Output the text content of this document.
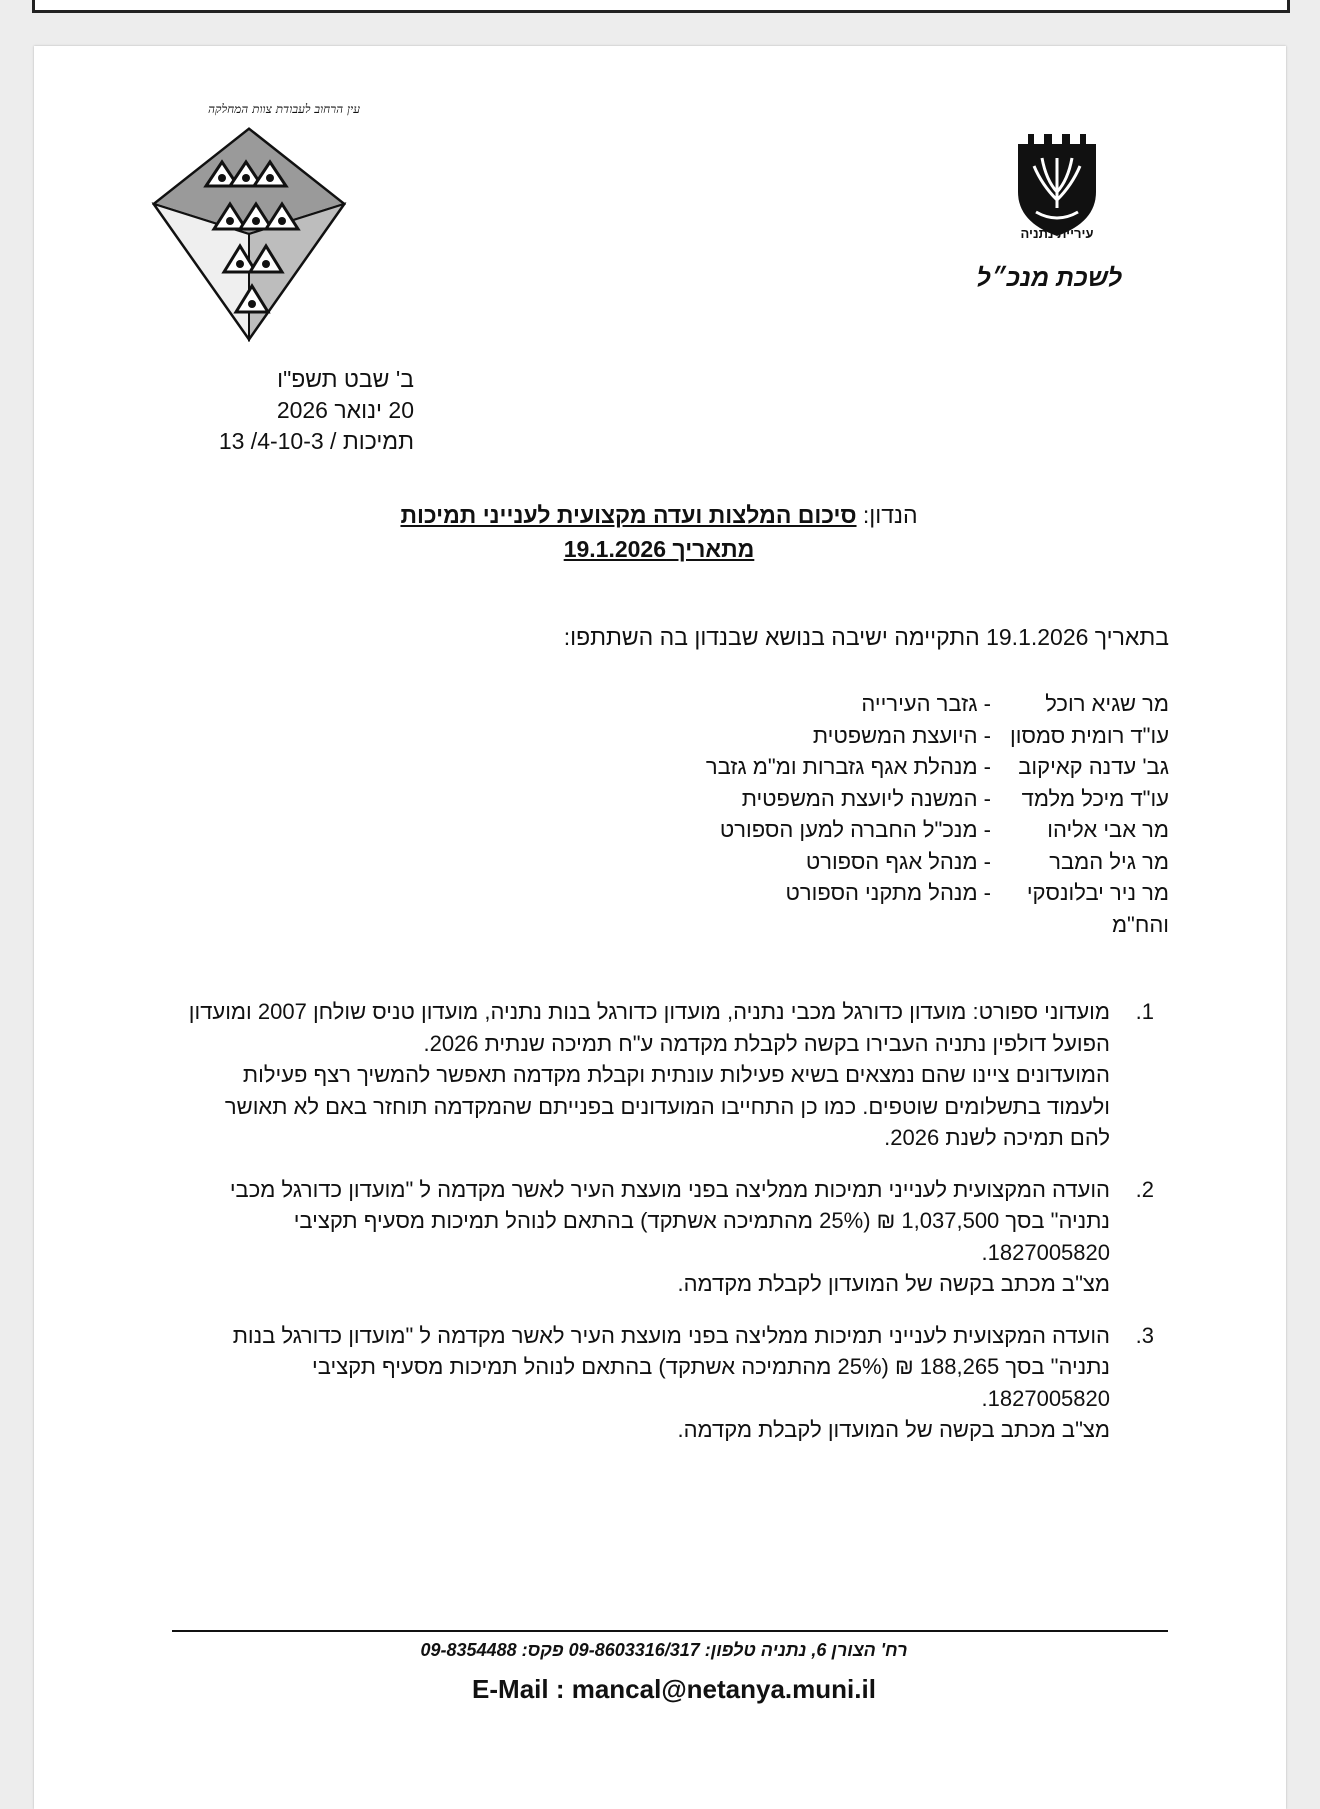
עין הרחוב לעבודת צוות המחלקה
עיריית נתניה
לשכת מנכ״ל
ב' שבט תשפ"ו
20 ינואר 2026
תמיכות / 4-10-3/ 13
הנדון: סיכום המלצות ועדה מקצועית לענייני תמיכות
מתאריך 19.1.2026
בתאריך 19.1.2026 התקיימה ישיבה בנושא שבנדון בה השתתפו:
מר שגיא רוכל
- גזבר העירייה
עו"ד רומית סמסון
- היועצת המשפטית
גב' עדנה קאיקוב
- מנהלת אגף גזברות ומ"מ גזבר
עו"ד מיכל מלמד
- המשנה ליועצת המשפטית
מר אבי אליהו
- מנכ"ל החברה למען הספורט
מר גיל המבר
- מנהל אגף הספורט
מר ניר יבלונסקי
- מנהל מתקני הספורט
והח"מ
1.

מועדוני ספורט: מועדון כדורגל מכבי נתניה, מועדון כדורגל בנות נתניה, מועדון טניס שולחן 2007 ומועדון הפועל דולפין נתניה העבירו בקשה לקבלת מקדמה ע"ח תמיכה שנתית 2026.

המועדונים ציינו שהם נמצאים בשיא פעילות עונתית וקבלת מקדמה תאפשר להמשיך רצף פעילות ולעמוד בתשלומים שוטפים. כמו כן התחייבו המועדונים בפנייתם שהמקדמה תוחזר באם לא תאושר להם תמיכה לשנת 2026.

2.

הועדה המקצועית לענייני תמיכות ממליצה בפני מועצת העיר לאשר מקדמה ל "מועדון כדורגל מכבי נתניה" בסך 1,037,500 ₪ (25% מהתמיכה אשתקד) בהתאם לנוהל תמיכות מסעיף תקציבי 1827005820.

מצ"ב מכתב בקשה של המועדון לקבלת מקדמה.

3.

הועדה המקצועית לענייני תמיכות ממליצה בפני מועצת העיר לאשר מקדמה ל "מועדון כדורגל בנות נתניה" בסך 188,265 ₪ (25% מהתמיכה אשתקד) בהתאם לנוהל תמיכות מסעיף תקציבי 1827005820.

מצ"ב מכתב בקשה של המועדון לקבלת מקדמה.

רח' הצורן 6, נתניה טלפון: 09-8603316/317 פקס: 09-8354488
E-Mail : mancal@netanya.muni.il
